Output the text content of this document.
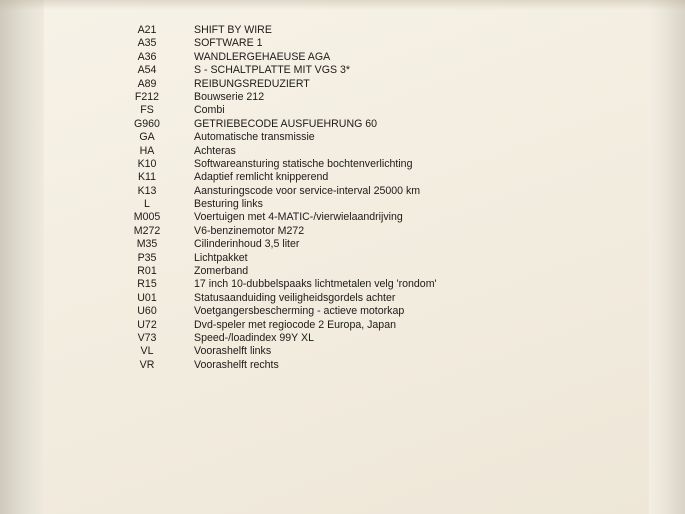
A21	SHIFT BY WIRE
A35	SOFTWARE 1
A36	WANDLERGEHAEUSE AGA
A54	S - SCHALTPLATTE MIT VGS 3*
A89	REIBUNGSREDUZIERT
F212	Bouwserie 212
FS	Combi
G960	GETRIEBECODE AUSFUEHRUNG 60
GA	Automatische transmissie
HA	Achteras
K10	Softwareansturing statische bochtenverlichting
K11	Adaptief remlicht knipperend
K13	Aansturingscode voor service-interval 25000 km
L	Besturing links
M005	Voertuigen met 4-MATIC-/vierwielaandrijving
M272	V6-benzinemotor M272
M35	Cilinderinhoud 3,5 liter
P35	Lichtpakket
R01	Zomerband
R15	17 inch 10-dubbelspaaks lichtmetalen velg 'rondom'
U01	Statusaanduiding veiligheidsgordels achter
U60	Voetgangersbescherming - actieve motorkap
U72	Dvd-speler met regiocode 2 Europa, Japan
V73	Speed-/loadindex 99Y XL
VL	Voorashelft links
VR	Voorashelft rechts
